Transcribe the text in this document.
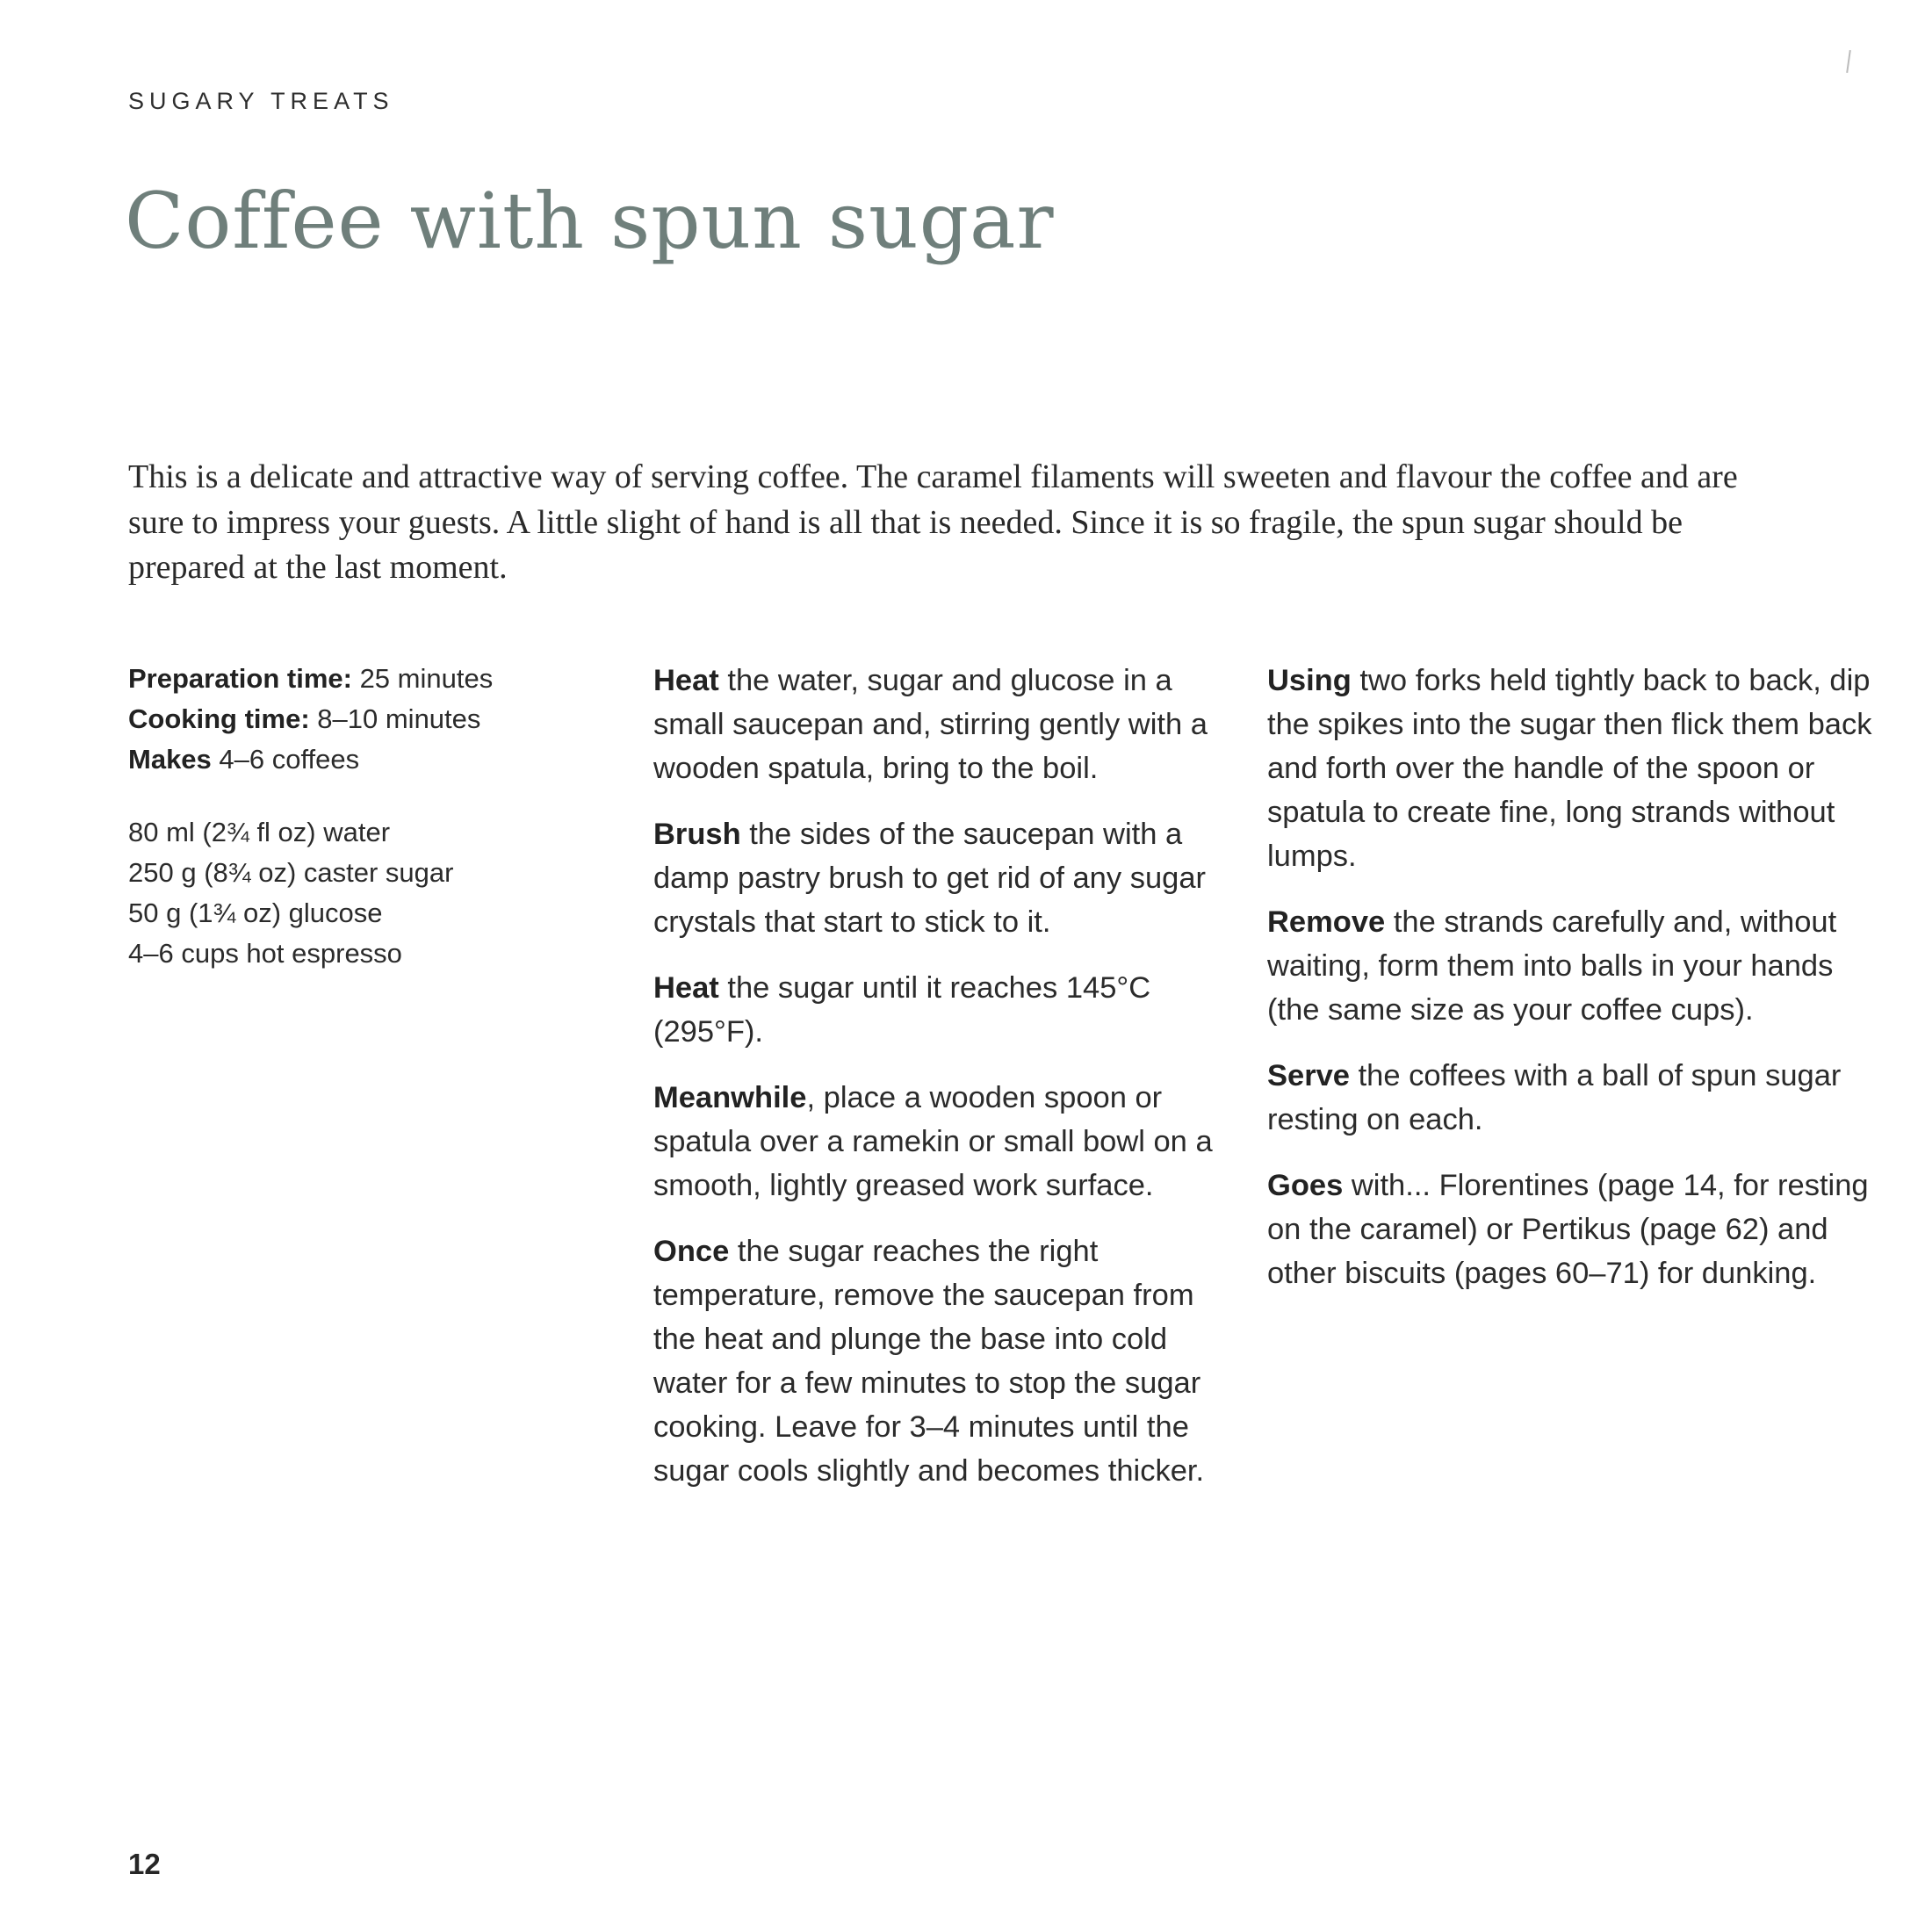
SUGARY TREATS
Coffee with spun sugar

This is a delicate and attractive way of serving coffee. The caramel filaments will sweeten and flavour the coffee and are sure to impress your guests. A little slight of hand is all that is needed. Since it is so fragile, the spun sugar should be prepared at the last moment.

Preparation time: 25 minutes
Cooking time: 8–10 minutes
Makes 4–6 coffees
80 ml (2¾ fl oz) water
250 g (8¾ oz) caster sugar
50 g (1¾ oz) glucose
4–6 cups hot espresso

Heat the water, sugar and glucose in a small saucepan and, stirring gently with a wooden spatula, bring to the boil.

Brush the sides of the saucepan with a damp pastry brush to get rid of any sugar crystals that start to stick to it.

Heat the sugar until it reaches 145°C (295°F).

Meanwhile, place a wooden spoon or spatula over a ramekin or small bowl on a smooth, lightly greased work surface.

Once the sugar reaches the right temperature, remove the saucepan from the heat and plunge the base into cold water for a few minutes to stop the sugar cooking. Leave for 3–4 minutes until the sugar cools slightly and becomes thicker.

Using two forks held tightly back to back, dip the spikes into the sugar then flick them back and forth over the handle of the spoon or spatula to create fine, long strands without lumps.

Remove the strands carefully and, without waiting, form them into balls in your hands (the same size as your coffee cups).

Serve the coffees with a ball of spun sugar resting on each.

Goes with... Florentines (page 14, for resting on the caramel) or Pertikus (page 62) and other biscuits (pages 60–71) for dunking.

12
